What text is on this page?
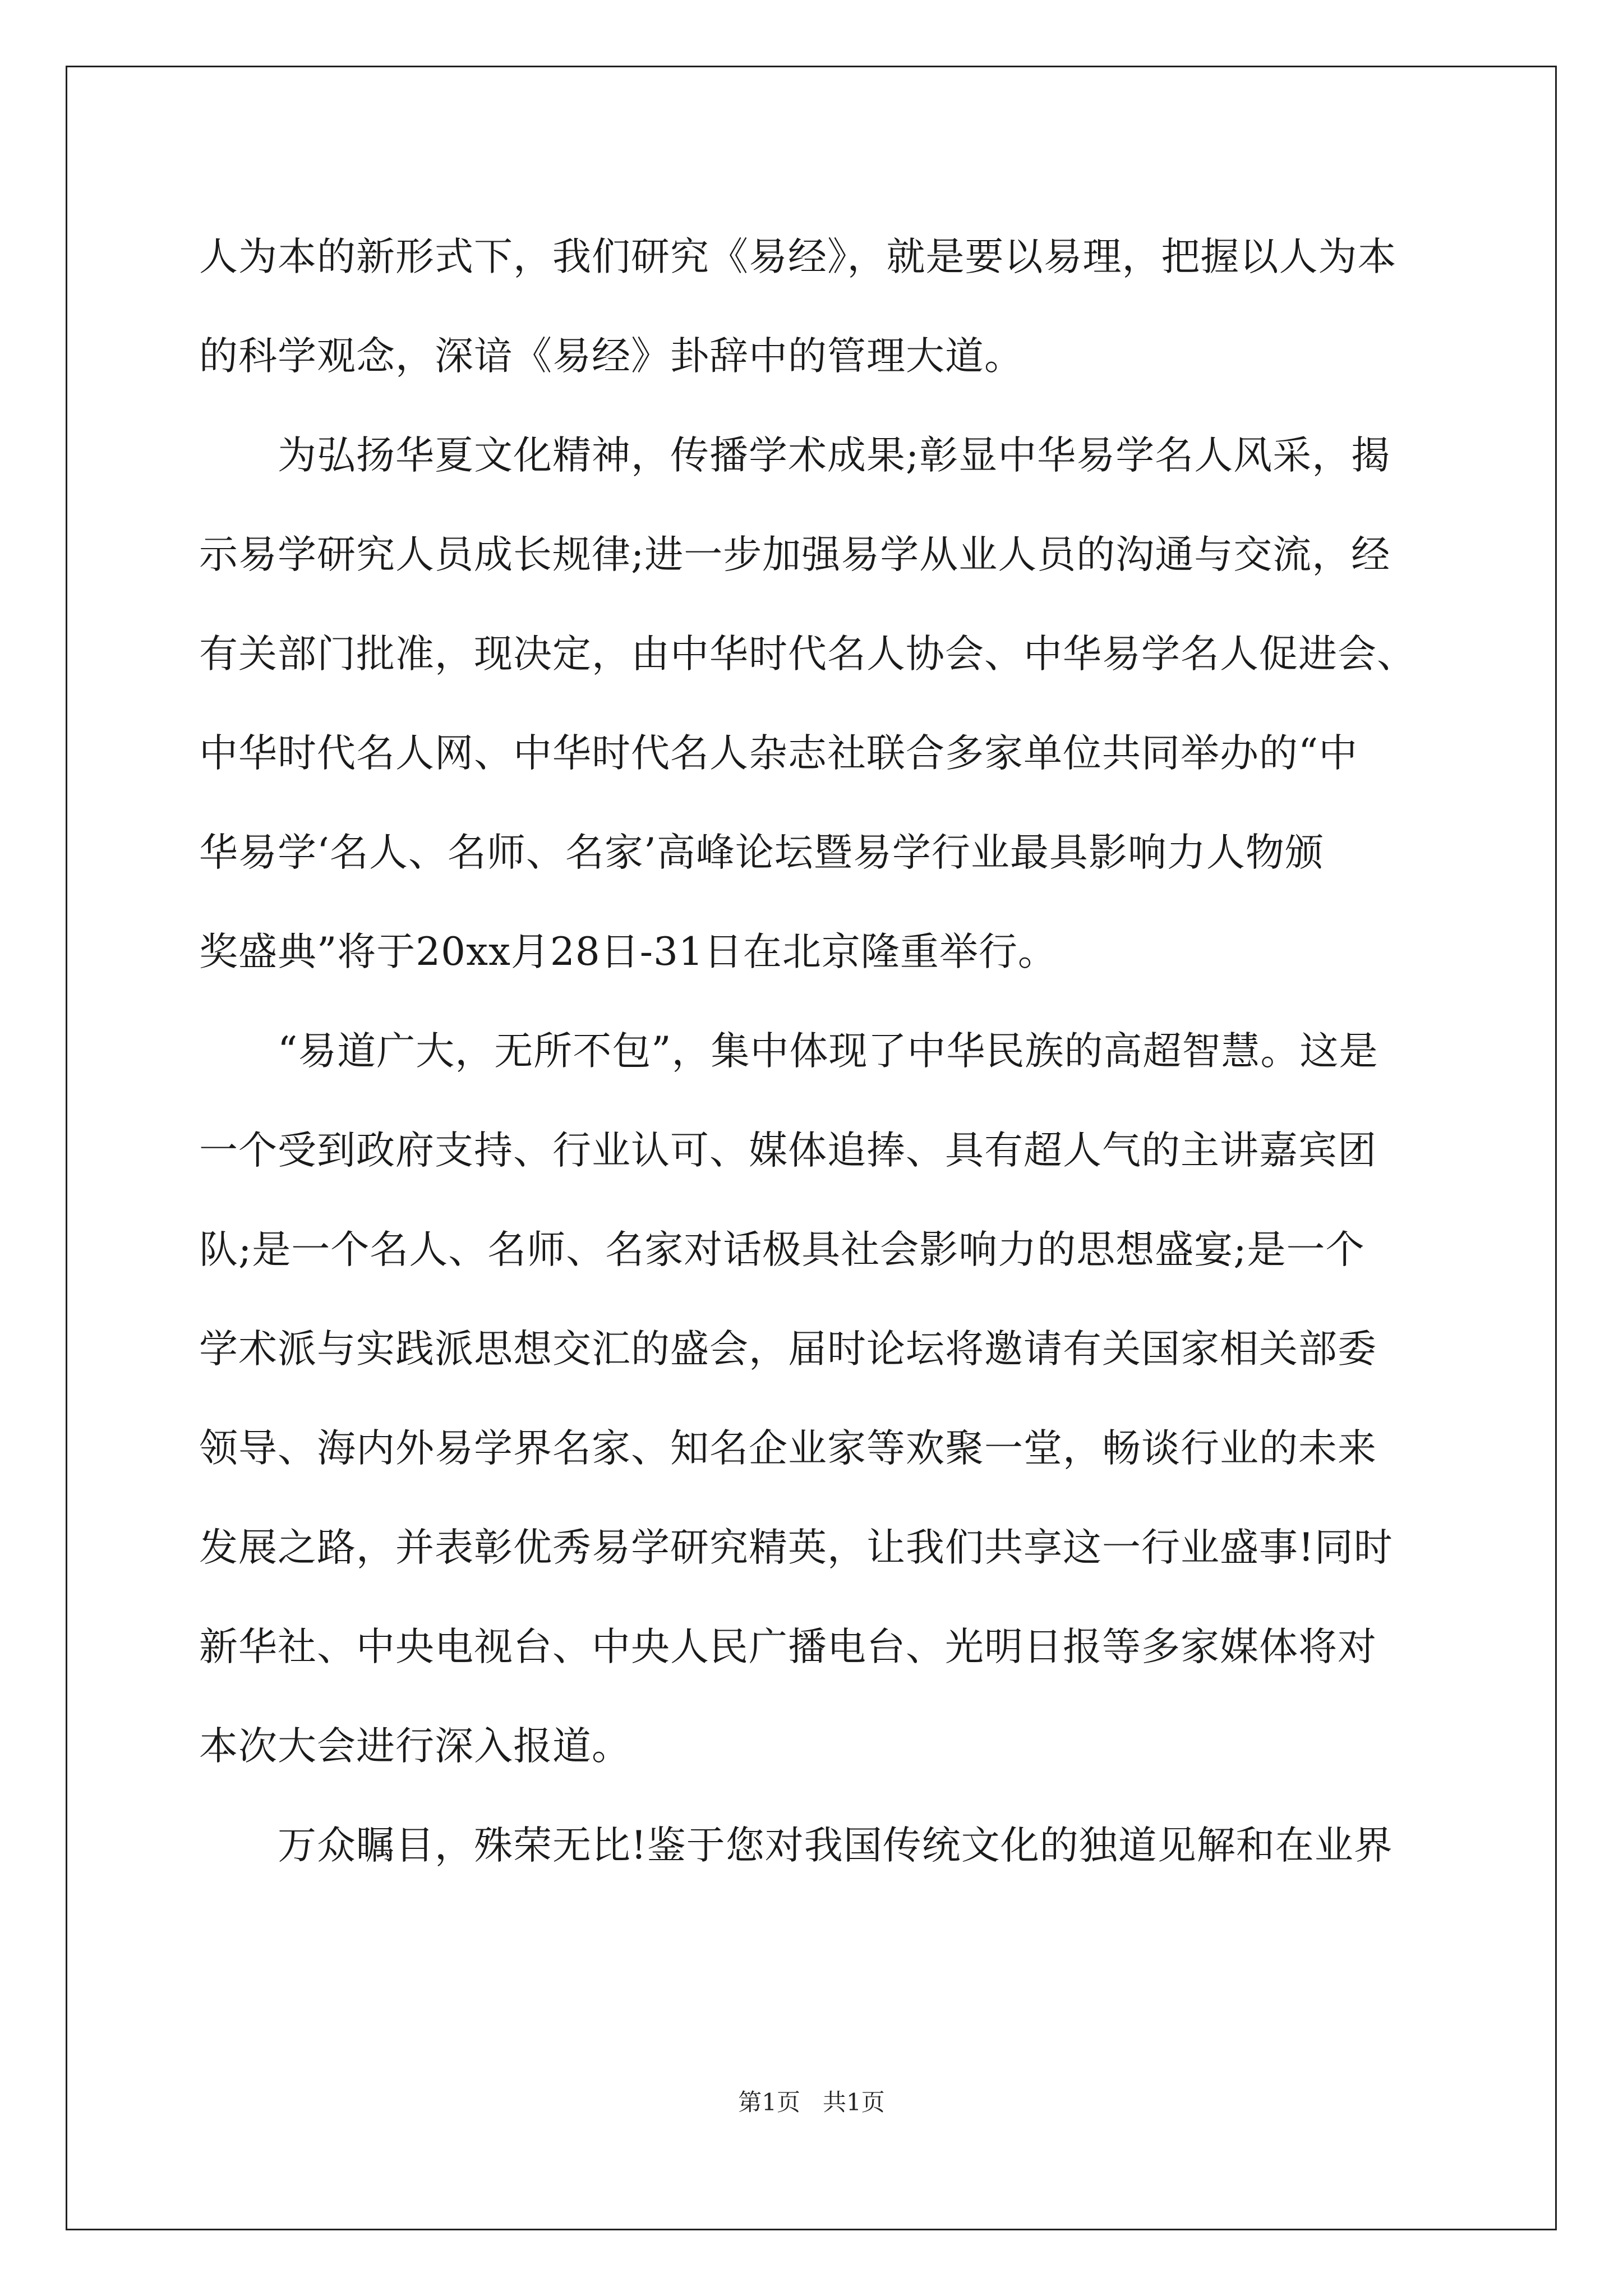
人为本的新形式下，我们研究《易经》，就是要以易理，把握以人为本
的科学观念，深谙《易经》卦辞中的管理大道。
为弘扬华夏文化精神，传播学术成果;彰显中华易学名人风采，揭
示易学研究人员成长规律;进一步加强易学从业人员的沟通与交流，经
有关部门批准，现决定，由中华时代名人协会、中华易学名人促进会、
中华时代名人网、中华时代名人杂志社联合多家单位共同举办的“中
华易学‘名人、名师、名家’高峰论坛暨易学行业最具影响力人物颁
奖盛典”将于20xx月28日-31日在北京隆重举行。
“易道广大，无所不包”，集中体现了中华民族的高超智慧。这是
一个受到政府支持、行业认可、媒体追捧、具有超人气的主讲嘉宾团
队;是一个名人、名师、名家对话极具社会影响力的思想盛宴;是一个
学术派与实践派思想交汇的盛会，届时论坛将邀请有关国家相关部委
领导、海内外易学界名家、知名企业家等欢聚一堂，畅谈行业的未来
发展之路，并表彰优秀易学研究精英，让我们共享这一行业盛事!同时
新华社、中央电视台、中央人民广播电台、光明日报等多家媒体将对
本次大会进行深入报道。
万众瞩目，殊荣无比!鉴于您对我国传统文化的独道见解和在业界
第1页   共1页
